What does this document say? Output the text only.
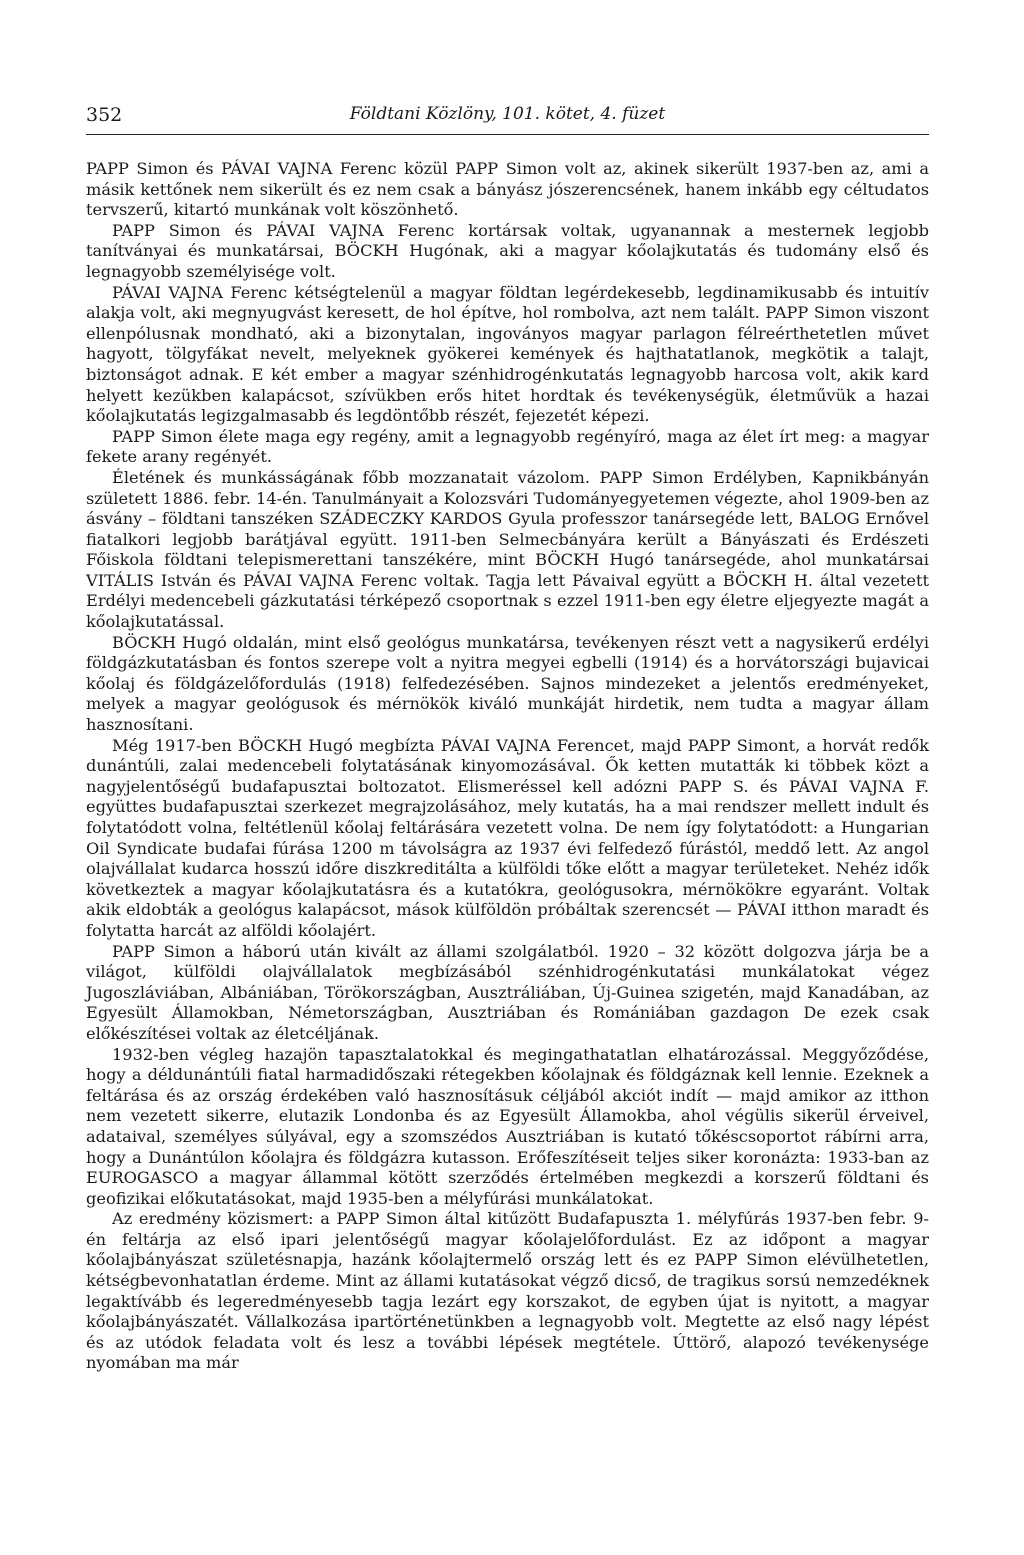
352	Földtani Közlöny, 101. kötet, 4. füzet

PAPP Simon és PÁVAI VAJNA Ferenc közül PAPP Simon volt az, akinek sikerült 1937-ben az, ami a másik kettőnek nem sikerült és ez nem csak a bányász jószerencsének, hanem inkább egy céltudatos tervszerű, kitartó munkának volt köszönhető.

PAPP Simon és PÁVAI VAJNA Ferenc kortársak voltak, ugyanannak a mesternek legjobb tanítványai és munkatársai, BÖCKH Hugónak, aki a magyar kőolajkutatás és tudomány első és legnagyobb személyisége volt.

PÁVAI VAJNA Ferenc kétségtelenül a magyar földtan legérdekesebb, legdinamikusabb és intuitív alakja volt, aki megnyugvást keresett, de hol építve, hol rombolva, azt nem talált. PAPP Simon viszont ellenpólusnak mondható, aki a bizonytalan, ingoványos magyar parlagon félreérthetetlen művet hagyott, tölgyfákat nevelt, melyeknek gyökerei kemények és hajthatatlanok, megkötik a talajt, biztonságot adnak. E két ember a magyar szénhidrogénkutatás legnagyobb harcosa volt, akik kard helyett kezükben kalapácsot, szívükben erős hitet hordtak és tevékenységük, életművük a hazai kőolajkutatás legizgalmasabb és legdöntőbb részét, fejezetét képezi.

PAPP Simon élete maga egy regény, amit a legnagyobb regényíró, maga az élet írt meg: a magyar fekete arany regényét.

Életének és munkásságának főbb mozzanatait vázolom. PAPP Simon Erdélyben, Kapnikbányán született 1886. febr. 14-én. Tanulmányait a Kolozsvári Tudományegyetemen végezte, ahol 1909-ben az ásvány – földtani tanszéken SZÁDECZKY KARDOS Gyula professzor tanársegéde lett, BALOG Ernővel fiatalkori legjobb barátjával együtt. 1911-ben Selmecbányára került a Bányászati és Erdészeti Főiskola földtani telepismerettani tanszékére, mint BÖCKH Hugó tanársegéde, ahol munkatársai VITÁLIS István és PÁVAI VAJNA Ferenc voltak. Tagja lett Pávaival együtt a BÖCKH H. által vezetett Erdélyi medencebeli gázkutatási térképező csoportnak s ezzel 1911-ben egy életre eljegyezte magát a kőolajkutatással.

BÖCKH Hugó oldalán, mint első geológus munkatársa, tevékenyen részt vett a nagysikerű erdélyi földgázkutatásban és fontos szerepe volt a nyitra megyei egbelli (1914) és a horvátországi bujavicai kőolaj és földgázelőfordulás (1918) felfedezésében. Sajnos mindezeket a jelentős eredményeket, melyek a magyar geológusok és mérnökök kiváló munkáját hirdetik, nem tudta a magyar állam hasznosítani.

Még 1917-ben BÖCKH Hugó megbízta PÁVAI VAJNA Ferencet, majd PAPP Simont, a horvát redők dunántúli, zalai medencebeli folytatásának kinyomozásával. Ők ketten mutatták ki többek közt a nagyjelentőségű budafapusztai boltozatot. Elismeréssel kell adózni PAPP S. és PÁVAI VAJNA F. együttes budafapusztai szerkezet megrajzolásához, mely kutatás, ha a mai rendszer mellett indult és folytatódott volna, feltétlenül kőolaj feltárására vezetett volna. De nem így folytatódott: a Hungarian Oil Syndicate budafai fúrása 1200 m távolságra az 1937 évi felfedező fúrástól, meddő lett. Az angol olajvállalat kudarca hosszú időre diszkreditálta a külföldi tőke előtt a magyar területeket. Nehéz idők következtek a magyar kőolajkutatásra és a kutatókra, geológusokra, mérnökökre egyaránt. Voltak akik eldobták a geológus kalapácsot, mások külföldön próbáltak szerencsét — PÁVAI itthon maradt és folytatta harcát az alföldi kőolajért.

PAPP Simon a háború után kivált az állami szolgálatból. 1920 – 32 között dolgozva járja be a világot, külföldi olajvállalatok megbízásából szénhidrogénkutatási munkálatokat végez Jugoszláviában, Albániában, Törökországban, Ausztráliában, Új-Guinea szigetén, majd Kanadában, az Egyesült Államokban, Németországban, Ausztriában és Romániában gazdagon De ezek csak előkészítései voltak az életcéljának.

1932-ben végleg hazajön tapasztalatokkal és megingathatatlan elhatározással. Meggyőződése, hogy a déldunántúli fiatal harmadidőszaki rétegekben kőolajnak és földgáznak kell lennie. Ezeknek a feltárása és az ország érdekében való hasznosításuk céljából akciót indít — majd amikor az itthon nem vezetett sikerre, elutazik Londonba és az Egyesült Államokba, ahol végülis sikerül érveivel, adataival, személyes súlyával, egy a szomszédos Ausztriában is kutató tőkéscsoportot rábírni arra, hogy a Dunántúlon kőolajra és földgázra kutasson. Erőfeszítéseit teljes siker koronázta: 1933-ban az EUROGASCO a magyar állammal kötött szerződés értelmében megkezdi a korszerű földtani és geofizikai előkutatásokat, majd 1935-ben a mélyfúrási munkálatokat.

Az eredmény közismert: a PAPP Simon által kitűzött Budafapuszta 1. mélyfúrás 1937-ben febr. 9-én feltárja az első ipari jelentőségű magyar kőolajelőfordulást. Ez az időpont a magyar kőolajbányászat születésnapja, hazánk kőolajtermelő ország lett és ez PAPP Simon elévülhetetlen, kétségbevonhatatlan érdeme. Mint az állami kutatásokat végző dicső, de tragikus sorsú nemzedéknek legaktívább és legeredményesebb tagja lezárt egy korszakot, de egyben újat is nyitott, a magyar kőolajbányászatét. Vállalkozása ipartörténetünkben a legnagyobb volt. Megtette az első nagy lépést és az utódok feladata volt és lesz a további lépések megtétele. Úttörő, alapozó tevékenysége nyomában ma már
